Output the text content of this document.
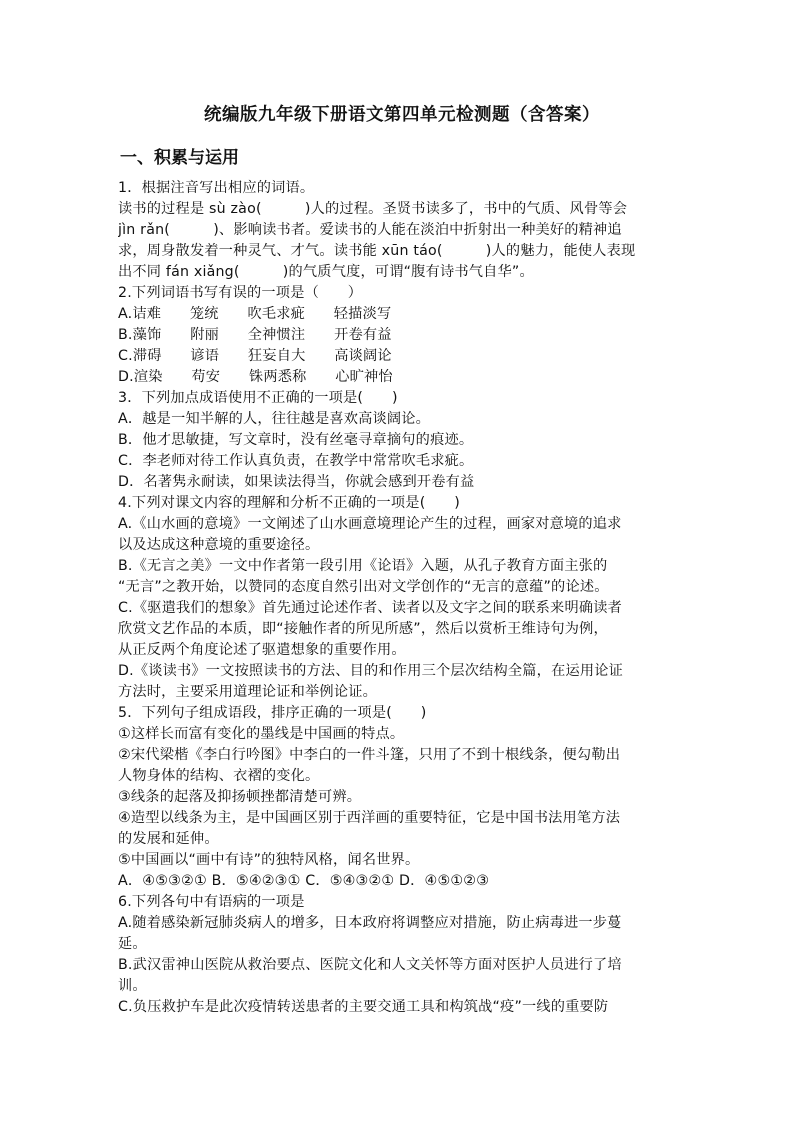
统编版九年级下册语文第四单元检测题（含答案）
一、积累与运用
1．根据注音写出相应的词语。
读书的过程是 sù zào(　　　)人的过程。圣贤书读多了，书中的气质、风骨等会
jìn rǎn(　　　)、影响读书者。爱读书的人能在淡泊中折射出一种美好的精神追
求，周身散发着一种灵气、才气。读书能 xūn táo(　　　)人的魅力，能使人表现
出不同 fán xiǎng(　　　)的气质气度，可谓“腹有诗书气自华”。
2.下列词语书写有误的一项是（　　）
A.诘难　　笼统　　吹毛求疵　　轻描淡写
B.藻饰　　附丽　　全神惯注　　开卷有益
C.滞碍　　谚语　　狂妄自大　　高谈阔论
D.渲染　　苟安　　铢两悉称　　心旷神怡
3．下列加点成语使用不正确的一项是(　　)
A．越是一知半解的人，往往越是喜欢高谈阔论。
B．他才思敏捷，写文章时，没有丝毫寻章摘句的痕迹。
C．李老师对待工作认真负责，在教学中常常吹毛求疵。
D．名著隽永耐读，如果读法得当，你就会感到开卷有益
4.下列对课文内容的理解和分析不正确的一项是(　　)
A.《山水画的意境》一文阐述了山水画意境理论产生的过程，画家对意境的追求
以及达成这种意境的重要途径。
B.《无言之美》一文中作者第一段引用《论语》入题，从孔子教育方面主张的
“无言”之教开始，以赞同的态度自然引出对文学创作的“无言的意蕴”的论述。
C.《驱遣我们的想象》首先通过论述作者、读者以及文字之间的联系来明确读者
欣赏文艺作品的本质，即“接触作者的所见所感”，然后以赏析王维诗句为例，
从正反两个角度论述了驱遣想象的重要作用。
D.《谈读书》一文按照读书的方法、目的和作用三个层次结构全篇，在运用论证
方法时，主要采用道理论证和举例论证。
5．下列句子组成语段，排序正确的一项是(　　)
①这样长而富有变化的墨线是中国画的特点。
②宋代梁楷《李白行吟图》中李白的一件斗篷，只用了不到十根线条，便勾勒出
人物身体的结构、衣褶的变化。
③线条的起落及抑扬顿挫都清楚可辨。
④造型以线条为主，是中国画区别于西洋画的重要特征，它是中国书法用笔方法
的发展和延伸。
⑤中国画以“画中有诗”的独特风格，闻名世界。
A．④⑤③②① B．⑤④②③① C．⑤④③②① D．④⑤①②③
6.下列各句中有语病的一项是
A.随着感染新冠肺炎病人的增多，日本政府将调整应对措施，防止病毒进一步蔓
延。
B.武汉雷神山医院从救治要点、医院文化和人文关怀等方面对医护人员进行了培
训。
C.负压救护车是此次疫情转送患者的主要交通工具和构筑战“疫”一线的重要防
